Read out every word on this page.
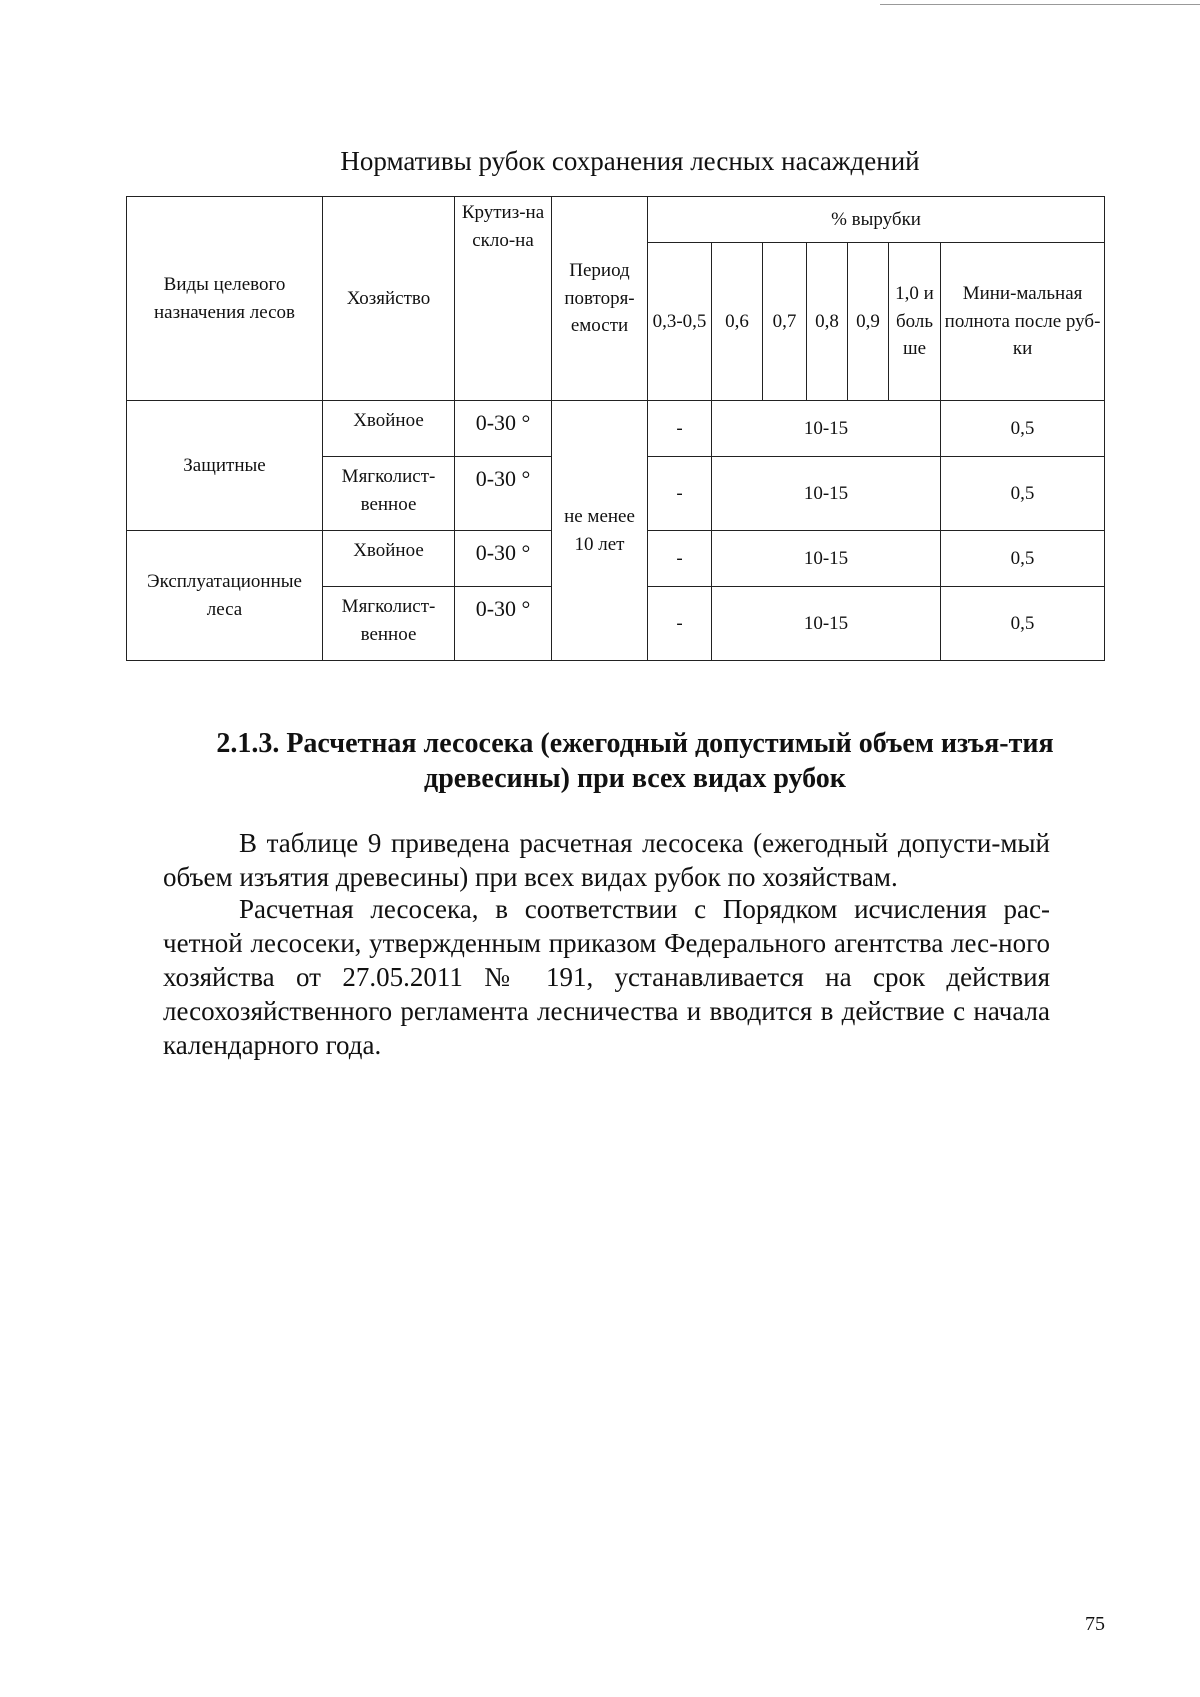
Нормативы рубок сохранения лесных насаждений
Виды целевого назначения лесов	Хозяйство	Крутиз-на скло-на	Период повторя-емости	% вырубки						
				0,3-0,5	0,6	0,7	0,8	0,9	1,0 и боль ше	Мини-мальная полнота после руб-ки
Защитные	Хвойное	0-30 °	не менее 10 лет	-	10-15					0,5
	Мягколист-венное	0-30 °		-	10-15					0,5
Эксплуатационные леса	Хвойное	0-30 °		-	10-15					0,5
	Мягколист-венное	0-30 °		-	10-15					0,5
2.1.3. Расчетная лесосека (ежегодный допустимый объем изъя-тия древесины) при всех видах рубок

В таблице 9 приведена расчетная лесосека (ежегодный допусти-мый объем изъятия древесины) при всех видах рубок по хозяйствам.

Расчетная лесосека, в соответствии с Порядком исчисления рас-четной лесосеки, утвержденным приказом Федерального агентства лес-ного хозяйства от 27.05.2011 № 191, устанавливается на срок действия лесохозяйственного регламента лесничества и вводится в действие с начала календарного года.

75
